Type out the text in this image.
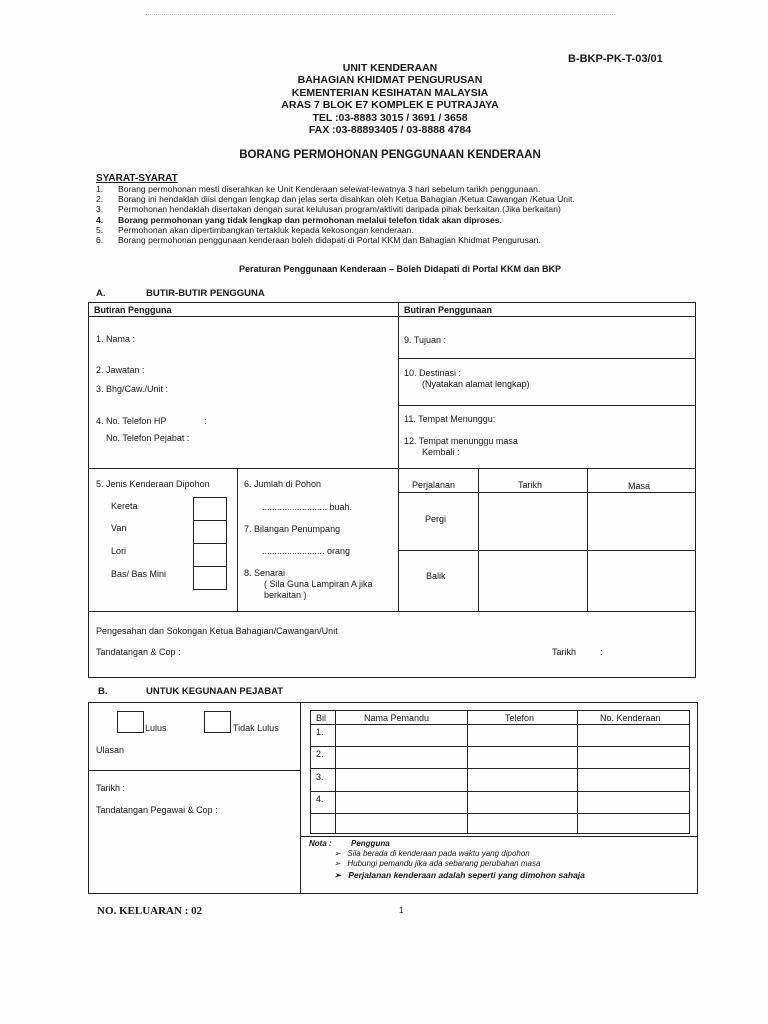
B-BKP-PK-T-03/01
UNIT KENDERAAN
BAHAGIAN KHIDMAT PENGURUSAN
KEMENTERIAN KESIHATAN MALAYSIA
ARAS 7 BLOK E7 KOMPLEK E PUTRAJAYA
TEL :03-8883 3015 / 3691 / 3658
FAX :03-88893405 / 03-8888 4784
BORANG PERMOHONAN PENGGUNAAN KENDERAAN
SYARAT-SYARAT
1. Borang permohonan mesti diserahkan ke Unit Kenderaan selewat-lewatnya 3 hari sebelum tarikh penggunaan.
2. Borang ini hendaklah diisi dengan lengkap dan jelas serta disahkan oleh Ketua Bahagian /Ketua Cawangan /Ketua Unit.
3. Permohonan hendaklah disertakan dengan surat kelulusan program/aktiviti daripada pihak berkaitan.(Jika berkaitan)
4. Borang permohonan yang tidak lengkap dan permohonan melalui telefon tidak akan diproses.
5. Permohonan akan dipertimbangkan tertakluk kepada kekosongan kenderaan.
6. Borang permohonan penggunaan kenderaan boleh didapati di Portal KKM dan Bahagian Khidmat Pengurusan.
Peraturan Penggunaan Kenderaan – Boleh Didapati di Portal KKM dan BKP
A.	BUTIR-BUTIR PENGGUNA
Butiran Pengguna	Butiran Penggunaan
1. Nama :
2. Jawatan :
3. Bhg/Caw./Unit :
4. No. Telefon HP	:
No. Telefon Pejabat :
9. Tujuan :
10. Destinasi :
(Nyatakan alamat lengkap)
11. Tempat Menunggu:
12. Tempat menunggu masa
Kembali :
5. Jenis Kenderaan Dipohon
Kereta
Van
Lori
Bas/ Bas Mini
6. Jumlah di Pohon
.......................... buah.
7. Bilangan Penumpang
......................... orang
8. Senarai
( Sila Guna Lampiran A jika
berkaitan )
Perjalanan	Tarikh	Masa
Pergi
Balik
Pengesahan dan Sokongan Ketua Bahagian/Cawangan/Unit
Tandatangan & Cop :	Tarikh	:
B.	UNTUK KEGUNAAN PEJABAT
Lulus	Tidak Lulus
Ulasan
Tarikh :
Tandatangan Pegawai & Cop :
Bil	Nama Pemandu	Telefon	No. Kenderaan
1.
2.
3.
4.
Nota : Pengguna
➢ Sila berada di kenderaan pada waktu yang dipohon
➢ Hubungi pemandu jika ada sebarang perubahan masa
➢ Perjalanan kenderaan adalah seperti yang dimohon sahaja
NO. KELUARAN : 02	1
